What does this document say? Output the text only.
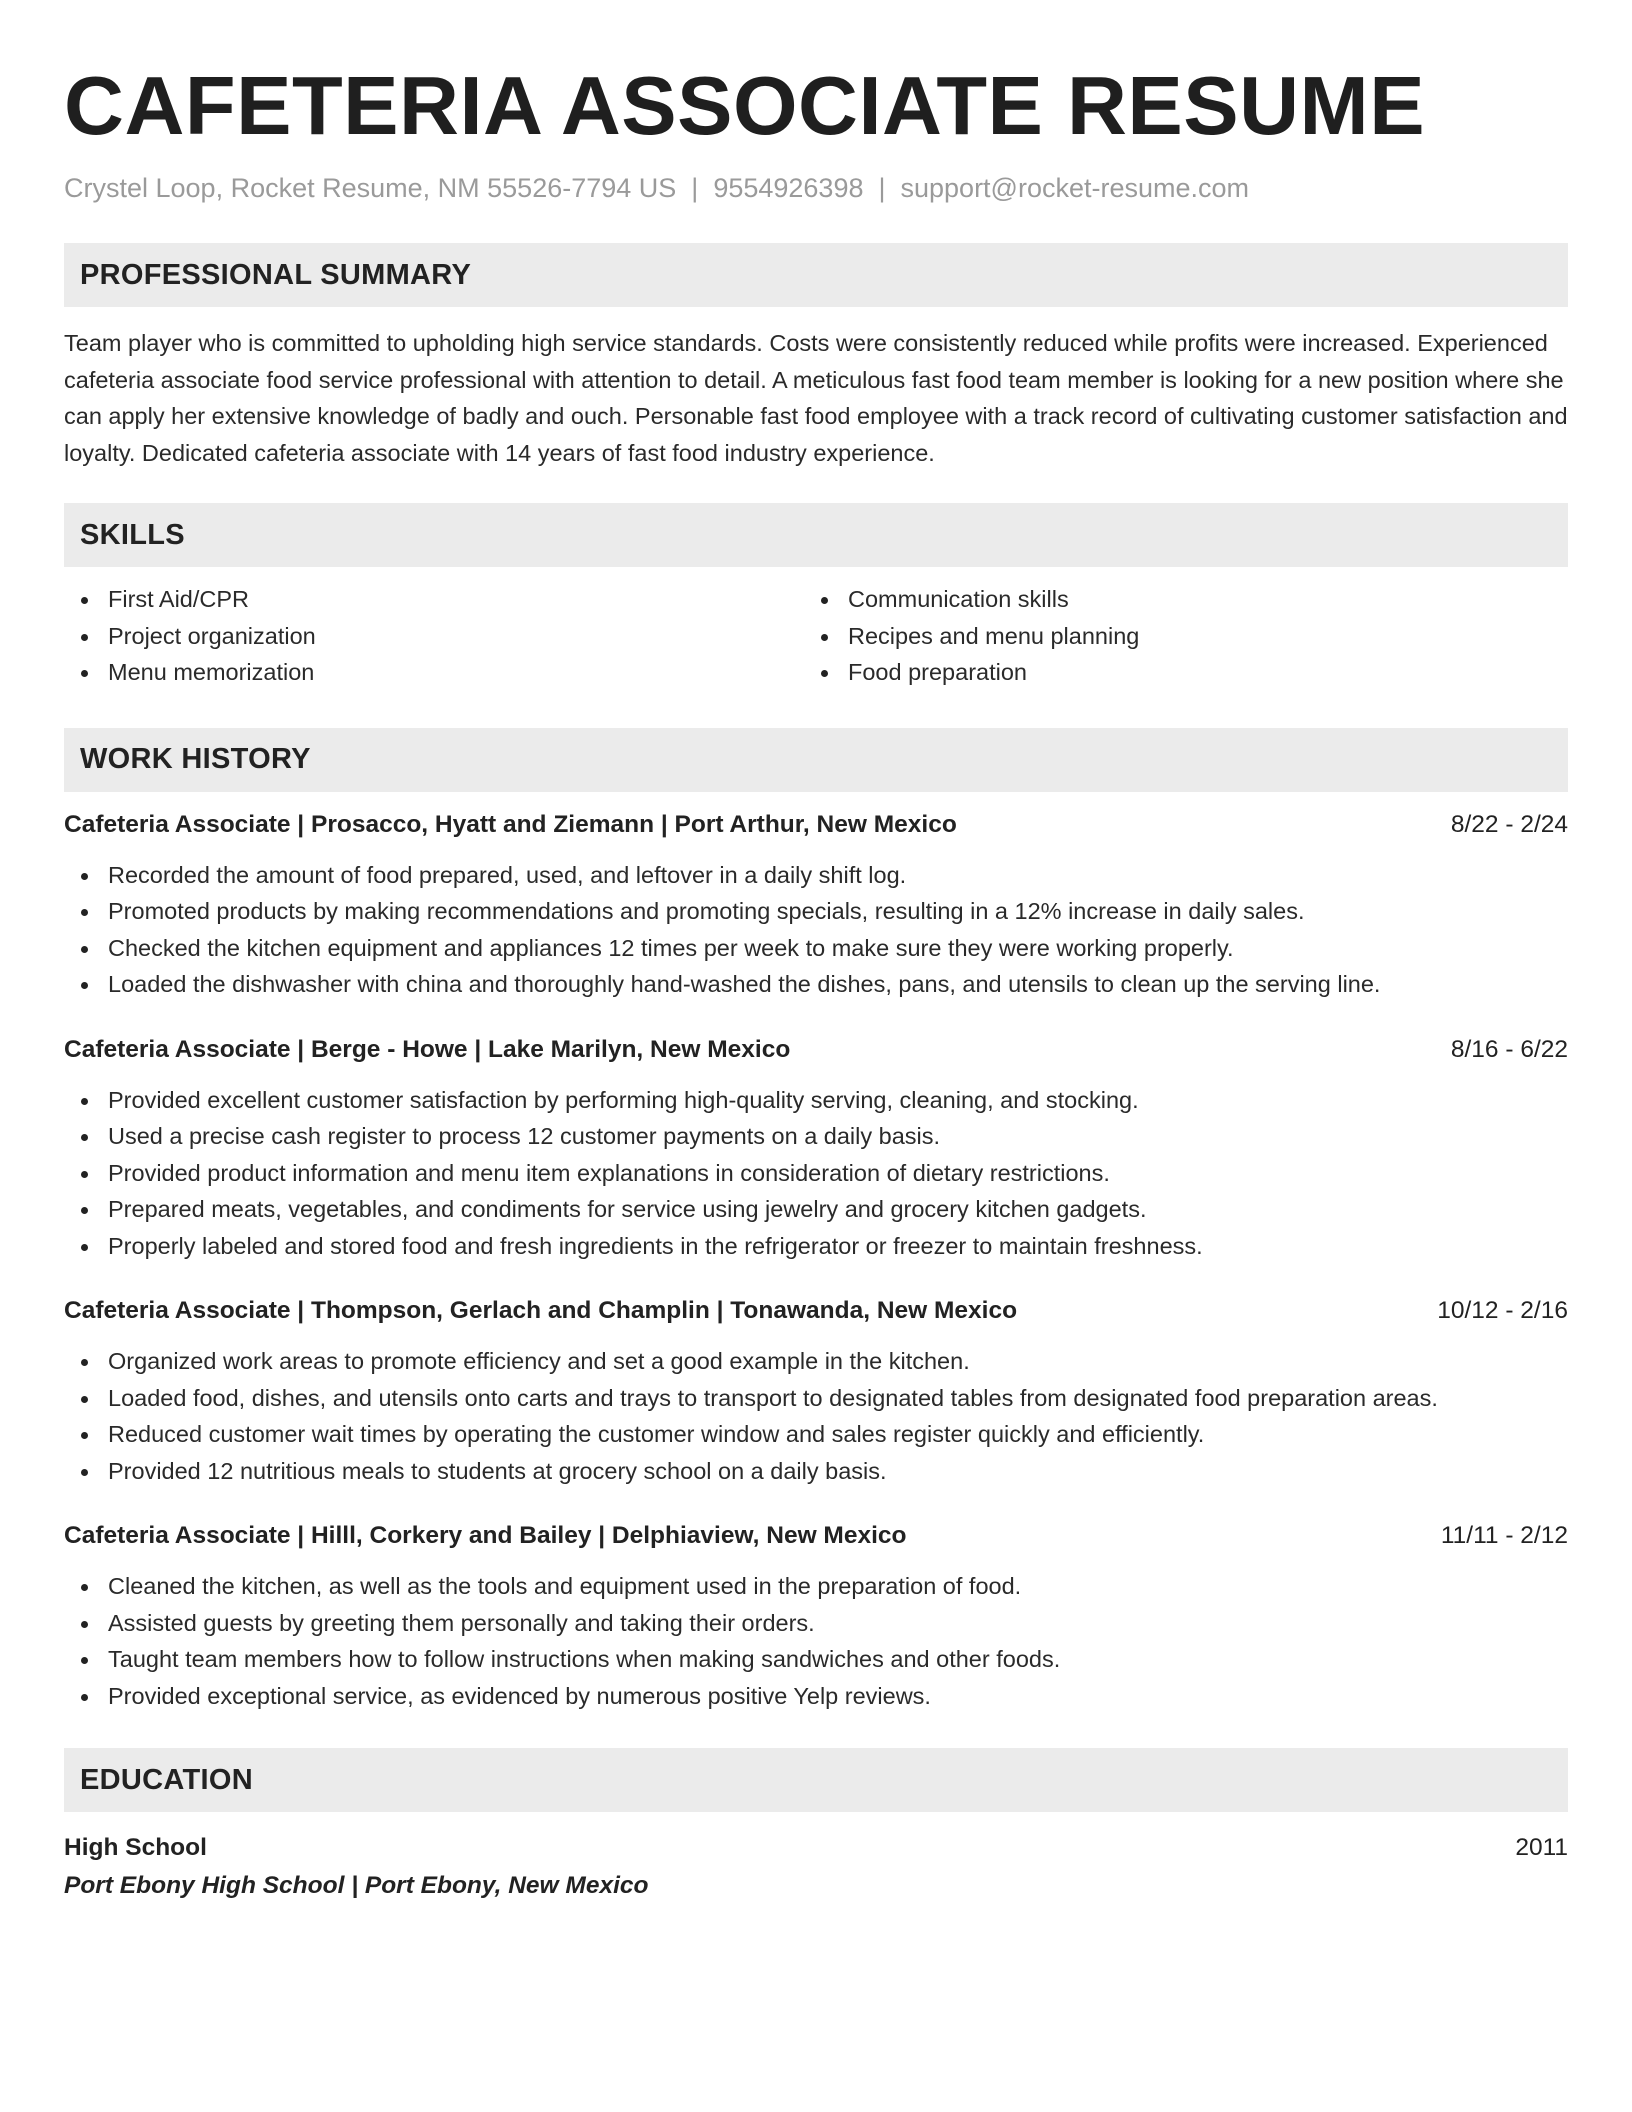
CAFETERIA ASSOCIATE RESUME
Crystel Loop, Rocket Resume, NM 55526-7794 US | 9554926398 | support@rocket-resume.com
PROFESSIONAL SUMMARY

Team player who is committed to upholding high service standards. Costs were consistently reduced while profits were increased. Experienced cafeteria associate food service professional with attention to detail. A meticulous fast food team member is looking for a new position where she can apply her extensive knowledge of badly and ouch. Personable fast food employee with a track record of cultivating customer satisfaction and loyalty. Dedicated cafeteria associate with 14 years of fast food industry experience.

SKILLS
First Aid/CPR
Project organization
Menu memorization
Communication skills
Recipes and menu planning
Food preparation
WORK HISTORY
Cafeteria Associate | Prosacco, Hyatt and Ziemann | Port Arthur, New Mexico	8/22 - 2/24
Recorded the amount of food prepared, used, and leftover in a daily shift log.
Promoted products by making recommendations and promoting specials, resulting in a 12% increase in daily sales.
Checked the kitchen equipment and appliances 12 times per week to make sure they were working properly.
Loaded the dishwasher with china and thoroughly hand-washed the dishes, pans, and utensils to clean up the serving line.
Cafeteria Associate | Berge - Howe | Lake Marilyn, New Mexico	8/16 - 6/22
Provided excellent customer satisfaction by performing high-quality serving, cleaning, and stocking.
Used a precise cash register to process 12 customer payments on a daily basis.
Provided product information and menu item explanations in consideration of dietary restrictions.
Prepared meats, vegetables, and condiments for service using jewelry and grocery kitchen gadgets.
Properly labeled and stored food and fresh ingredients in the refrigerator or freezer to maintain freshness.
Cafeteria Associate | Thompson, Gerlach and Champlin | Tonawanda, New Mexico	10/12 - 2/16
Organized work areas to promote efficiency and set a good example in the kitchen.
Loaded food, dishes, and utensils onto carts and trays to transport to designated tables from designated food preparation areas.
Reduced customer wait times by operating the customer window and sales register quickly and efficiently.
Provided 12 nutritious meals to students at grocery school on a daily basis.
Cafeteria Associate | Hilll, Corkery and Bailey | Delphiaview, New Mexico	11/11 - 2/12
Cleaned the kitchen, as well as the tools and equipment used in the preparation of food.
Assisted guests by greeting them personally and taking their orders.
Taught team members how to follow instructions when making sandwiches and other foods.
Provided exceptional service, as evidenced by numerous positive Yelp reviews.
EDUCATION
High School	2011
Port Ebony High School | Port Ebony, New Mexico
